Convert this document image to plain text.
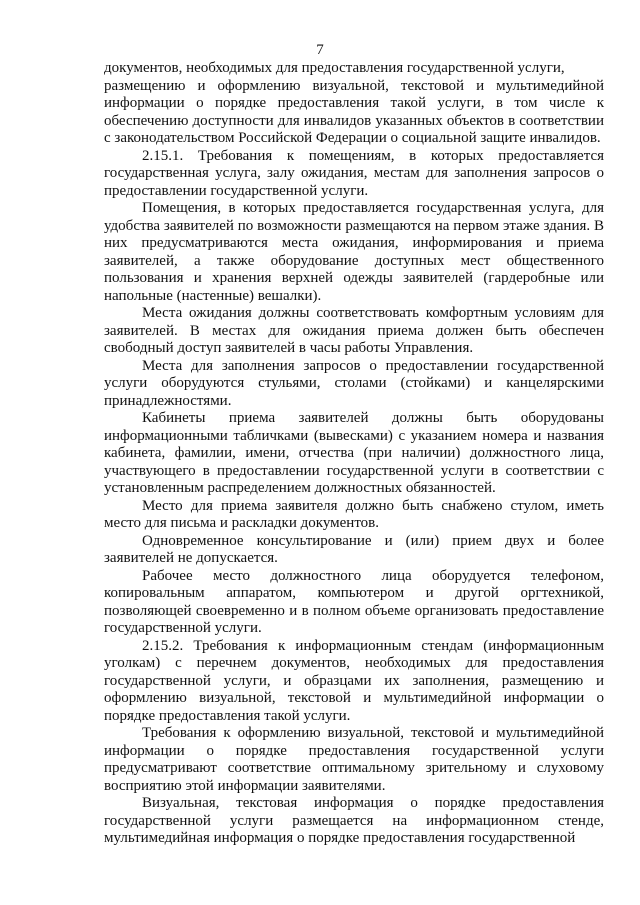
7

документов, необходимых для предоставления государственной услуги,

размещению и оформлению визуальной, текстовой и мультимедийной информации о порядке предоставления такой услуги, в том числе к обеспечению доступности для инвалидов указанных объектов в соответствии с законодательством Российской Федерации о социальной защите инвалидов.

2.15.1. Требования к помещениям, в которых предоставляется государственная услуга, залу ожидания, местам для заполнения запросов о предоставлении государственной услуги.

Помещения, в которых предоставляется государственная услуга, для удобства заявителей по возможности размещаются на первом этаже здания. В них предусматриваются места ожидания, информирования и приема заявителей, а также оборудование доступных мест общественного пользования и хранения верхней одежды заявителей (гардеробные или напольные (настенные) вешалки).

Места ожидания должны соответствовать комфортным условиям для заявителей. В местах для ожидания приема должен быть обеспечен свободный доступ заявителей в часы работы Управления.

Места для заполнения запросов о предоставлении государственной услуги оборудуются стульями, столами (стойками) и канцелярскими принадлежностями.

Кабинеты приема заявителей должны быть оборудованы информационными табличками (вывесками) с указанием номера и названия кабинета, фамилии, имени, отчества (при наличии) должностного лица, участвующего в предоставлении государственной услуги в соответствии с установленным распределением должностных обязанностей.

Место для приема заявителя должно быть снабжено стулом, иметь место для письма и раскладки документов.

Одновременное консультирование и (или) прием двух и более заявителей не допускается.

Рабочее место должностного лица оборудуется телефоном, копировальным аппаратом, компьютером и другой оргтехникой, позволяющей своевременно и в полном объеме организовать предоставление государственной услуги.

2.15.2. Требования к информационным стендам (информационным уголкам) с перечнем документов, необходимых для предоставления государственной услуги, и образцами их заполнения, размещению и оформлению визуальной, текстовой и мультимедийной информации о порядке предоставления такой услуги.

Требования к оформлению визуальной, текстовой и мультимедийной информации о порядке предоставления государственной услуги предусматривают соответствие оптимальному зрительному и слуховому восприятию этой информации заявителями.

Визуальная, текстовая информация о порядке предоставления государственной услуги размещается на информационном стенде, мультимедийная информация о порядке предоставления государственной
